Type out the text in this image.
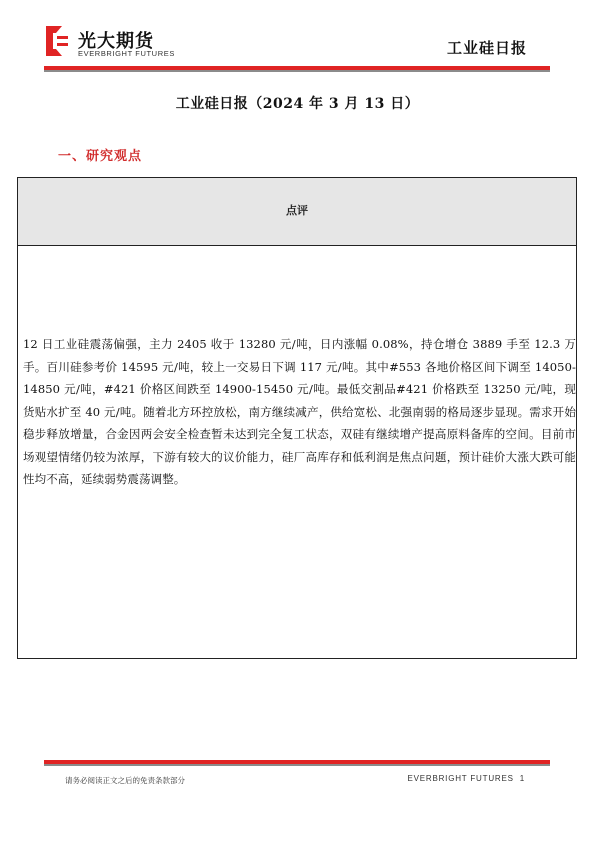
光大期货
EVERBRIGHT FUTURES	工业硅日报
工业硅日报（2024 年 3 月 13 日）
一、研究观点
点评
12 日工业硅震荡偏强，主力 2405 收于 13280 元/吨，日内涨幅 0.08%，持仓增仓 3889 手至 12.3 万手。百川硅参考价 14595 元/吨，较上一交易日下调 117 元/吨。其中#553 各地价格区间下调至 14050-14850 元/吨，#421 价格区间跌至 14900-15450 元/吨。最低交割品#421 价格跌至 13250 元/吨，现货贴水扩至 40 元/吨。随着北方环控放松，南方继续减产，供给宽松、北强南弱的格局逐步显现。需求开始稳步释放增量，合金因两会安全检查暂未达到完全复工状态，双硅有继续增产提高原料备库的空间。目前市场观望情绪仍较为浓厚，下游有较大的议价能力，硅厂高库存和低利润是焦点问题，预计硅价大涨大跌可能性均不高，延续弱势震荡调整。
请务必阅读正文之后的免责条款部分	EVERBRIGHT FUTURES 1
